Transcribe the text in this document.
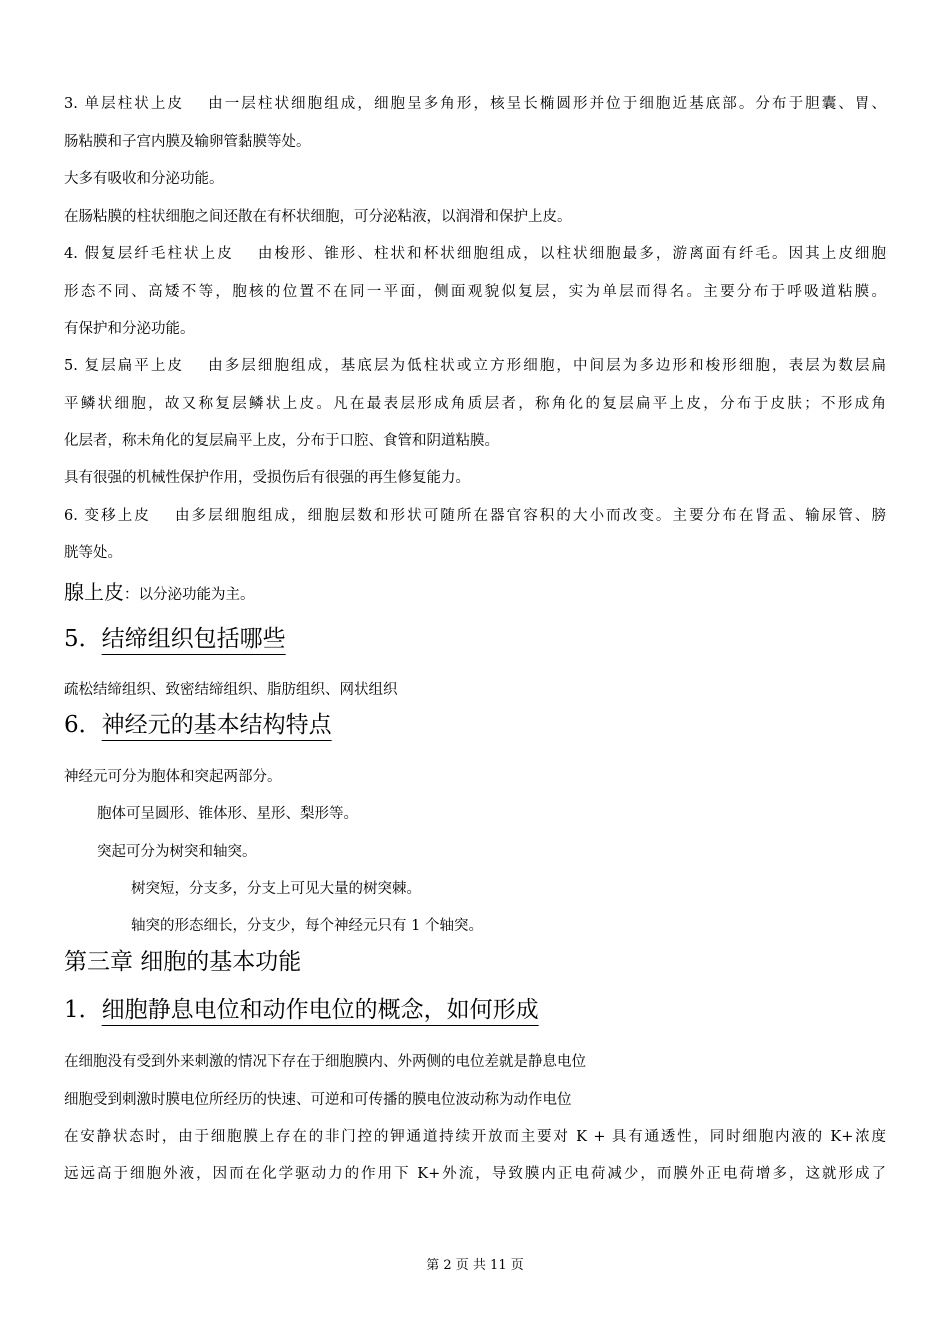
3. 单层柱状上皮 由一层柱状细胞组成，细胞呈多角形，核呈长椭圆形并位于细胞近基底部。分布于胆囊、胃、
肠粘膜和子宫内膜及输卵管黏膜等处。
大多有吸收和分泌功能。
在肠粘膜的柱状细胞之间还散在有杯状细胞，可分泌粘液，以润滑和保护上皮。
4. 假复层纤毛柱状上皮 由梭形、锥形、柱状和杯状细胞组成，以柱状细胞最多，游离面有纤毛。因其上皮细胞
形态不同、高矮不等，胞核的位置不在同一平面，侧面观貌似复层，实为单层而得名。主要分布于呼吸道粘膜。
有保护和分泌功能。
5. 复层扁平上皮 由多层细胞组成，基底层为低柱状或立方形细胞，中间层为多边形和梭形细胞，表层为数层扁
平鳞状细胞，故又称复层鳞状上皮。凡在最表层形成角质层者，称角化的复层扁平上皮，分布于皮肤；不形成角
化层者，称未角化的复层扁平上皮，分布于口腔、食管和阴道粘膜。
具有很强的机械性保护作用，受损伤后有很强的再生修复能力。
6. 变移上皮 由多层细胞组成，细胞层数和形状可随所在器官容积的大小而改变。主要分布在肾盂、输尿管、膀
胱等处。
腺上皮：以分泌功能为主。
5．结缔组织包括哪些
疏松结缔组织、致密结缔组织、脂肪组织、网状组织
6．神经元的基本结构特点
神经元可分为胞体和突起两部分。
胞体可呈圆形、锥体形、星形、梨形等。
突起可分为树突和轴突。
树突短，分支多，分支上可见大量的树突棘。
轴突的形态细长，分支少，每个神经元只有 1 个轴突。
第三章 细胞的基本功能
1．细胞静息电位和动作电位的概念，如何形成
在细胞没有受到外来刺激的情况下存在于细胞膜内、外两侧的电位差就是静息电位
细胞受到刺激时膜电位所经历的快速、可逆和可传播的膜电位波动称为动作电位
在安静状态时，由于细胞膜上存在的非门控的钾通道持续开放而主要对 K + 具有通透性，同时细胞内液的 K+浓度
远远高于细胞外液，因而在化学驱动力的作用下 K+外流，导致膜内正电荷减少，而膜外正电荷增多，这就形成了
第 2 页 共 11 页
